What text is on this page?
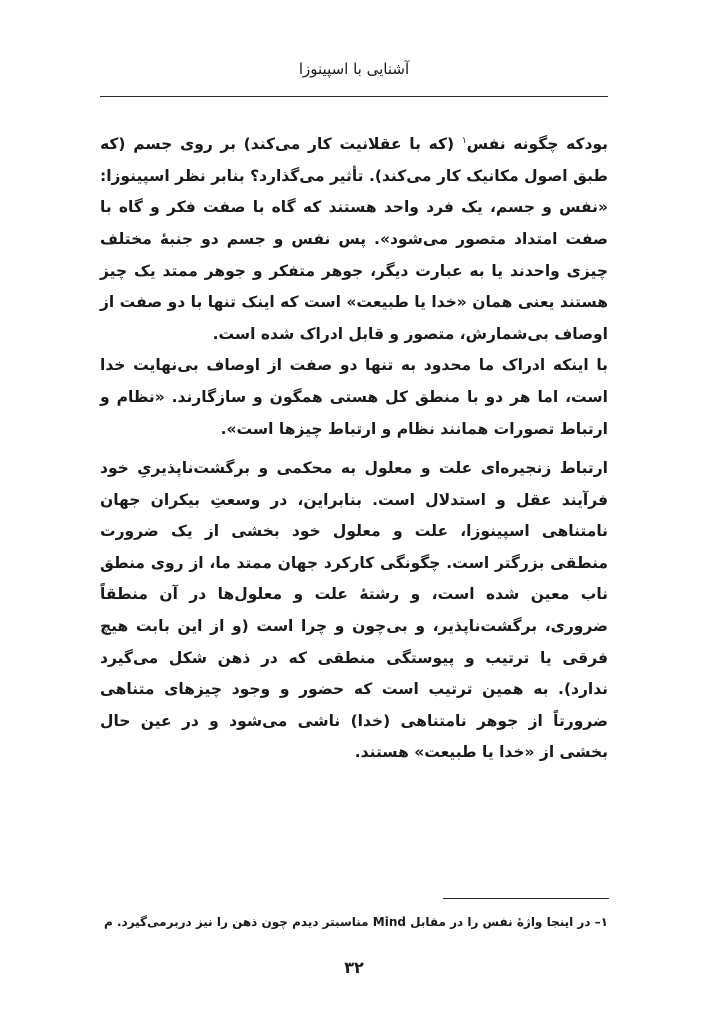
آشنایی با اسپینوزا

بودکه چگونه نفس$^۱$ (که با عقلانیت کار می‌کند) بر روی جسم (که طبق اصول مکانیک کار می‌کند). تأثیر می‌گذارد؟ بنابر نظر اسپینوزا: «نفس و جسم، یک فرد واحد هستند که گاه با صفت فکر و گاه با صفت امتداد متصور می‌شود». پس نفس و جسم دو جنبهٔ مختلف چیزی واحدند یا به عبارت دیگر، جوهر متفکر و جوهر ممتد یک چیز هستند یعنی همان «خدا یا طبیعت» است که اینک تنها با دو صفت از اوصاف بی‌شمارش، متصور و قابل ادراک شده است.

با اینکه ادراک ما محدود به تنها دو صفت از اوصاف بی‌نهایت خدا است، اما هر دو با منطق کل هستی همگون و سازگارند. «نظام و ارتباط تصورات همانند نظام و ارتباط چیزها است».

ارتباط زنجیره‌ای علت و معلول به محکمی و برگشت‌ناپذیریِ خود فرآیند عقل و استدلال است. بنابراین، در وسعتِ بیکران جهان نامتناهی اسپینوزا، علت و معلول خود بخشی از یک ضرورت منطقی بزرگتر است. چگونگی کارکرد جهان ممتد ما، از روی منطق ناب معین شده است، و رشتهٔ علت و معلول‌ها در آن منطقاً ضروری، برگشت‌ناپذیر، و بی‌چون و چرا است (و از این بابت هیچ فرقی یا ترتیب و پیوستگی منطقی که در ذهن شکل می‌گیرد ندارد). به همین ترتیب است که حضور و وجود چیزهای متناهی ضرورتاً از جوهر نامتناهی (خدا) ناشی می‌شود و در عین حال بخشی از «خدا یا طبیعت» هستند.

۱– در اینجا واژهٔ نفس را در مقابل Mind مناسبتر دیدم چون ذهن را نیز دربرمی‌گیرد. م
۳۲
